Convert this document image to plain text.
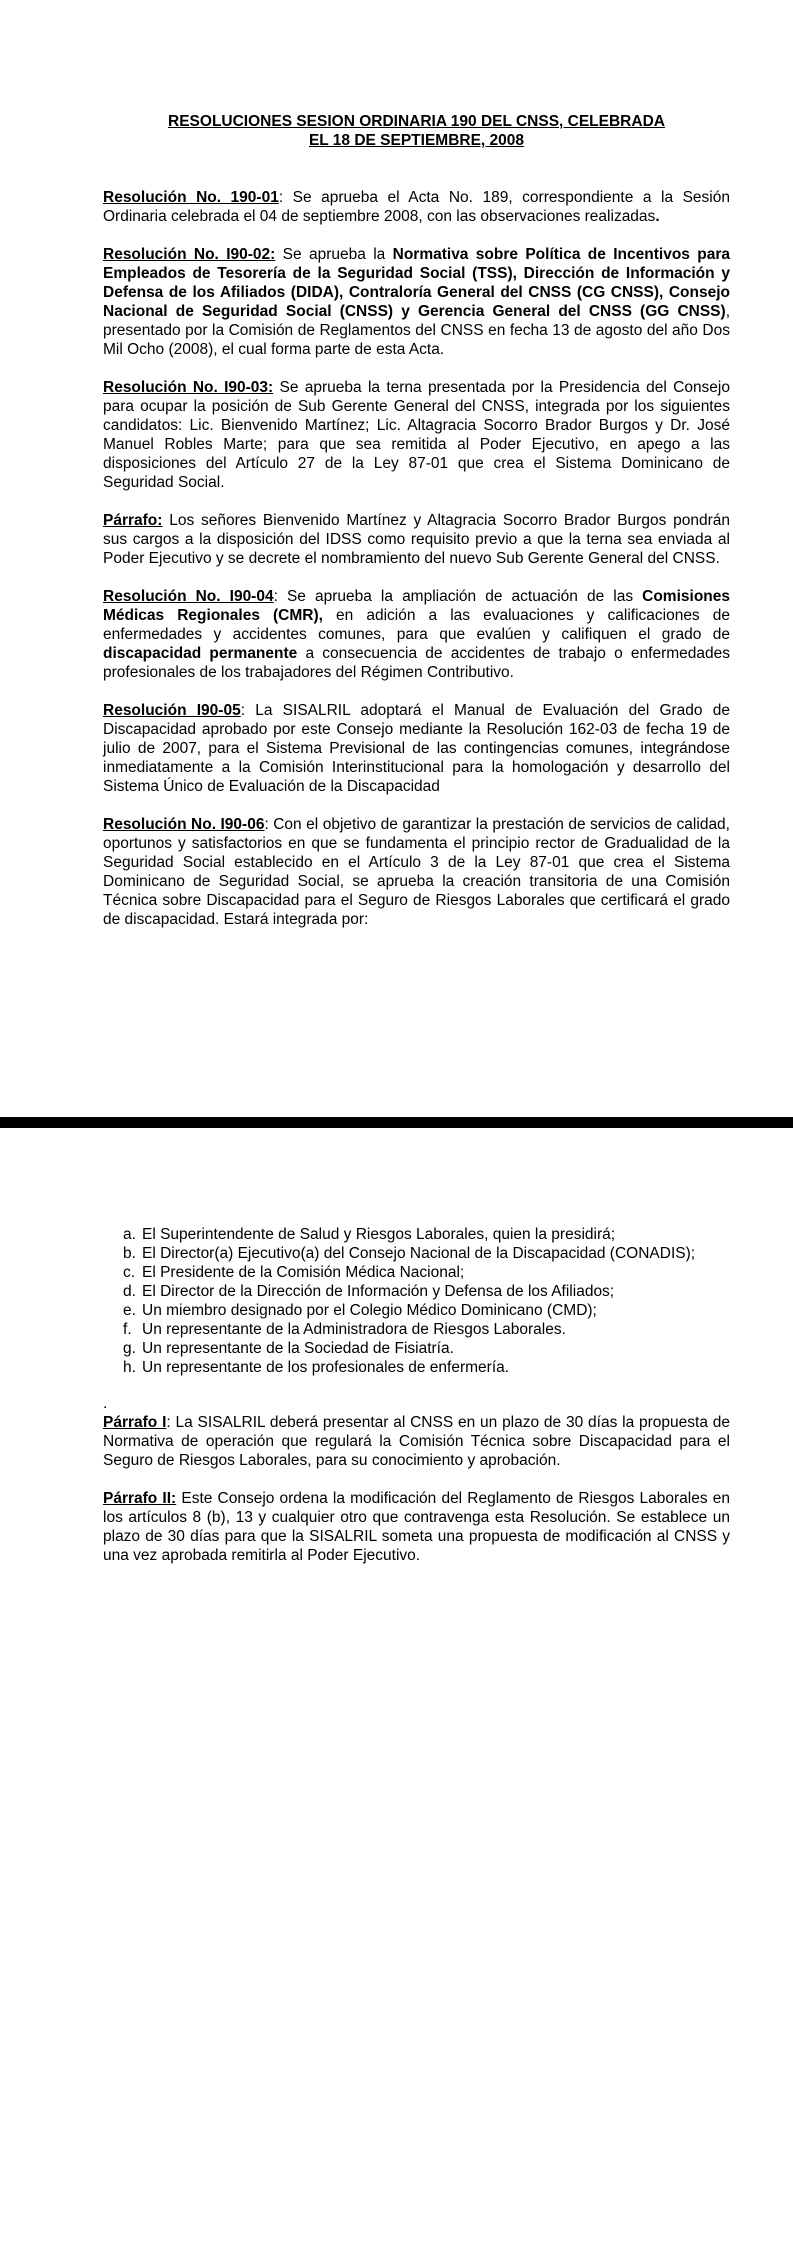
RESOLUCIONES SESION ORDINARIA 190 DEL CNSS, CELEBRADA
EL 18 DE SEPTIEMBRE, 2008

Resolución No. 190-01: Se aprueba el Acta No. 189, correspondiente a la Sesión Ordinaria celebrada el 04 de septiembre 2008, con las observaciones realizadas.

Resolución No. I90-02: Se aprueba la Normativa sobre Política de Incentivos para Empleados de Tesorería de la Seguridad Social (TSS), Dirección de Información y Defensa de los Afiliados (DIDA), Contraloría General del CNSS (CG CNSS), Consejo Nacional de Seguridad Social (CNSS) y Gerencia General del CNSS (GG CNSS), presentado por la Comisión de Reglamentos del CNSS en fecha 13 de agosto del año Dos Mil Ocho (2008), el cual forma parte de esta Acta.

Resolución No. I90-03: Se aprueba la terna presentada por la Presidencia del Consejo para ocupar la posición de Sub Gerente General del CNSS, integrada por los siguientes candidatos: Lic. Bienvenido Martínez; Lic. Altagracia Socorro Brador Burgos y Dr. José Manuel Robles Marte; para que sea remitida al Poder Ejecutivo, en apego a las disposiciones del Artículo 27 de la Ley 87-01 que crea el Sistema Dominicano de Seguridad Social.

Párrafo: Los señores Bienvenido Martínez y Altagracia Socorro Brador Burgos pondrán sus cargos a la disposición del IDSS como requisito previo a que la terna sea enviada al Poder Ejecutivo y se decrete el nombramiento del nuevo Sub Gerente General del CNSS.

Resolución No. I90-04: Se aprueba la ampliación de actuación de las Comisiones Médicas Regionales (CMR), en adición a las evaluaciones y calificaciones de enfermedades y accidentes comunes, para que evalúen y califiquen el grado de discapacidad permanente a consecuencia de accidentes de trabajo o enfermedades profesionales de los trabajadores del Régimen Contributivo.

Resolución I90-05: La SISALRIL adoptará el Manual de Evaluación del Grado de Discapacidad aprobado por este Consejo mediante la Resolución 162-03 de fecha 19 de julio de 2007, para el Sistema Previsional de las contingencias comunes, integrándose inmediatamente a la Comisión Interinstitucional para la homologación y desarrollo del Sistema Único de Evaluación de la Discapacidad

Resolución No. I90-06: Con el objetivo de garantizar la prestación de servicios de calidad, oportunos y satisfactorios en que se fundamenta el principio rector de Gradualidad de la Seguridad Social establecido en el Artículo 3 de la Ley 87-01 que crea el Sistema Dominicano de Seguridad Social, se aprueba la creación transitoria de una Comisión Técnica sobre Discapacidad para el Seguro de Riesgos Laborales que certificará el grado de discapacidad. Estará integrada por:

El Superintendente de Salud y Riesgos Laborales, quien la presidirá;
El Director(a) Ejecutivo(a) del Consejo Nacional de la Discapacidad (CONADIS);
El Presidente de la Comisión Médica Nacional;
El Director de la Dirección de Información y Defensa de los Afiliados;
Un miembro designado por el Colegio Médico Dominicano (CMD);
Un representante de la Administradora de Riesgos Laborales.
Un representante de la Sociedad de Fisiatría.
Un representante de los profesionales de enfermería.

.

Párrafo I: La SISALRIL deberá presentar al CNSS en un plazo de 30 días la propuesta de Normativa de operación que regulará la Comisión Técnica sobre Discapacidad para el Seguro de Riesgos Laborales, para su conocimiento y aprobación.

Párrafo II: Este Consejo ordena la modificación del Reglamento de Riesgos Laborales en los artículos 8 (b), 13 y cualquier otro que contravenga esta Resolución. Se establece un plazo de 30 días para que la SISALRIL someta una propuesta de modificación al CNSS y una vez aprobada remitirla al Poder Ejecutivo.
